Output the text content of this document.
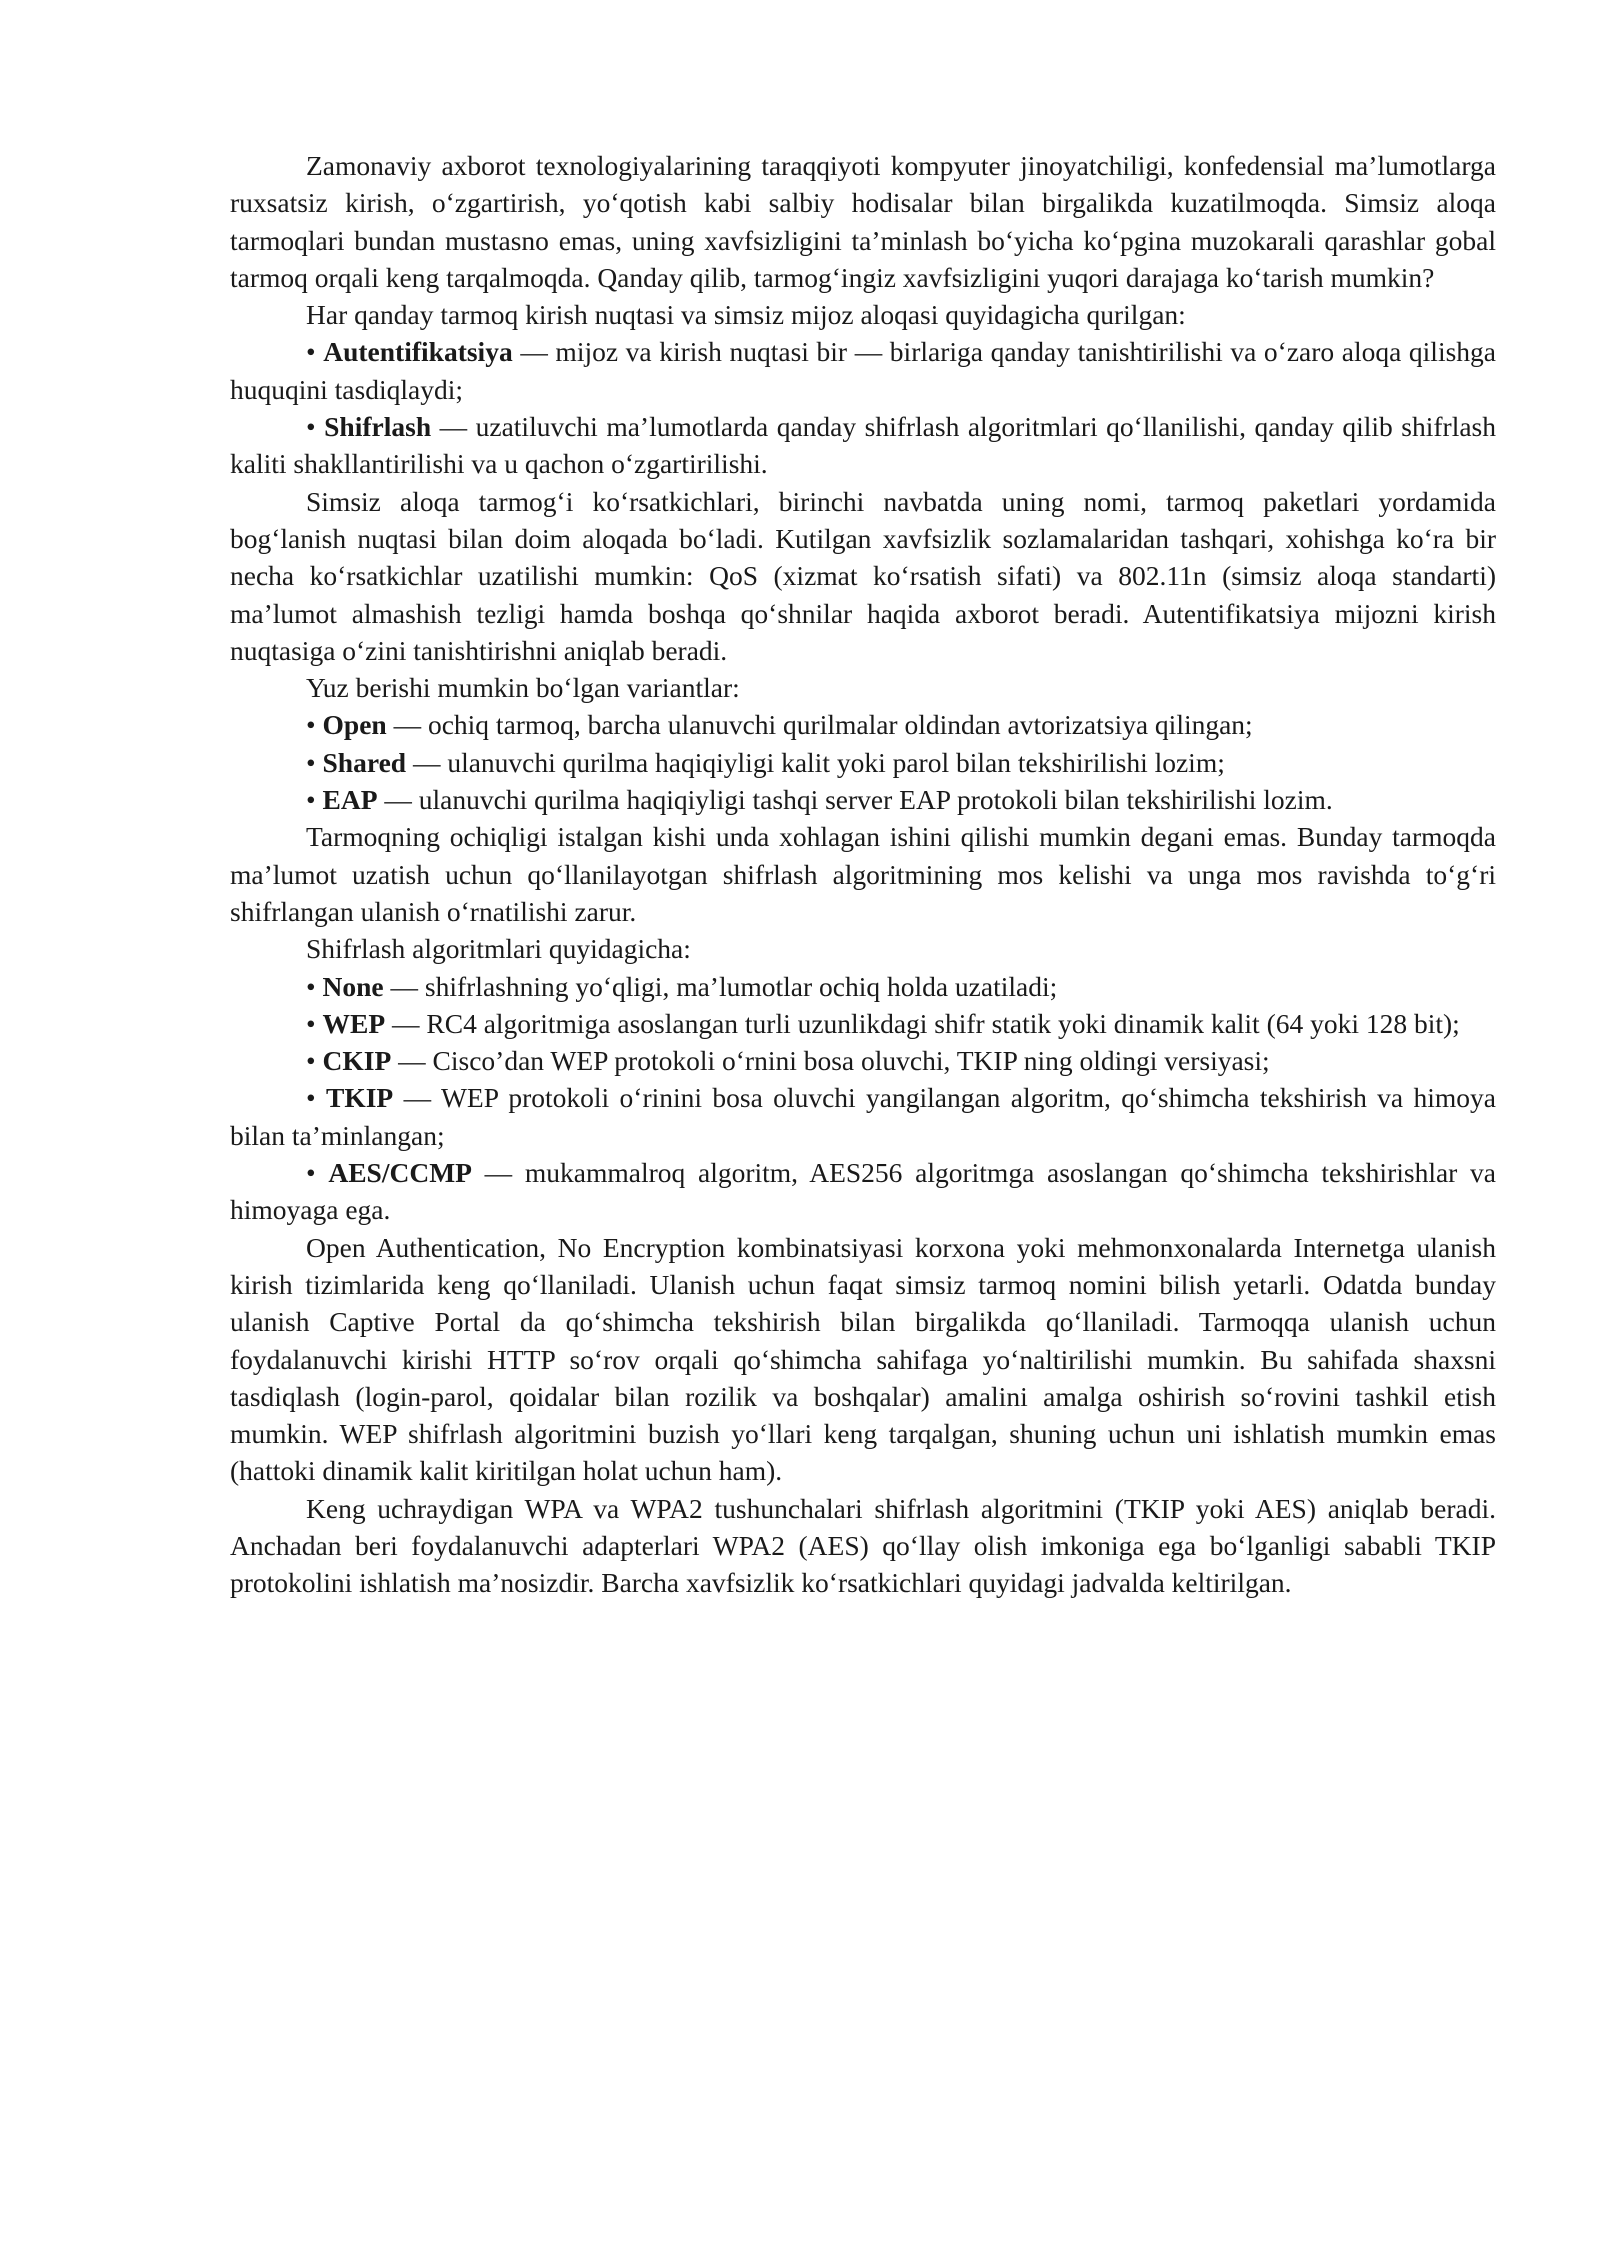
Zamonaviy axborot texnologiyalarining taraqqiyoti kompyuter jinoyatchiligi, konfedensial ma’lumotlarga ruxsatsiz kirish, oʻzgartirish, yoʻqotish kabi salbiy hodisalar bilan birgalikda kuzatilmoqda. Simsiz aloqa tarmoqlari bundan mustasno emas, uning xavfsizligini ta’minlash boʻyicha koʻpgina muzokarali qarashlar gobal tarmoq orqali keng tarqalmoqda. Qanday qilib, tarmogʻingiz xavfsizligini yuqori darajaga koʻtarish mumkin?

Har qanday tarmoq kirish nuqtasi va simsiz mijoz aloqasi quyidagicha qurilgan:

• Autentifikatsiya — mijoz va kirish nuqtasi bir — birlariga qanday tanishtirilishi va oʻzaro aloqa qilishga huquqini tasdiqlaydi;

• Shifrlash — uzatiluvchi ma’lumotlarda qanday shifrlash algoritmlari qoʻllanilishi, qanday qilib shifrlash kaliti shakllantirilishi va u qachon oʻzgartirilishi.

Simsiz aloqa tarmogʻi koʻrsatkichlari, birinchi navbatda uning nomi, tarmoq paketlari yordamida bogʻlanish nuqtasi bilan doim aloqada boʻladi. Kutilgan xavfsizlik sozlamalaridan tashqari, xohishga koʻra bir necha koʻrsatkichlar uzatilishi mumkin: QoS (xizmat koʻrsatish sifati) va 802.11n (simsiz aloqa standarti) ma’lumot almashish tezligi hamda boshqa qoʻshnilar haqida axborot beradi. Autentifikatsiya mijozni kirish nuqtasiga oʻzini tanishtirishni aniqlab beradi.

Yuz berishi mumkin boʻlgan variantlar:

• Open — ochiq tarmoq, barcha ulanuvchi qurilmalar oldindan avtorizatsiya qilingan;

• Shared — ulanuvchi qurilma haqiqiyligi kalit yoki parol bilan tekshirilishi lozim;

• EAP — ulanuvchi qurilma haqiqiyligi tashqi server EAP protokoli bilan tekshirilishi lozim.

Tarmoqning ochiqligi istalgan kishi unda xohlagan ishini qilishi mumkin degani emas. Bunday tarmoqda ma’lumot uzatish uchun qoʻllanilayotgan shifrlash algoritmining mos kelishi va unga mos ravishda toʻgʻri shifrlangan ulanish oʻrnatilishi zarur.

Shifrlash algoritmlari quyidagicha:

• None — shifrlashning yoʻqligi, ma’lumotlar ochiq holda uzatiladi;

• WEP — RC4 algoritmiga asoslangan turli uzunlikdagi shifr statik yoki dinamik kalit (64 yoki 128 bit);

• CKIP — Cisco’dan WEP protokoli oʻrnini bosa oluvchi, TKIP ning oldingi versiyasi;

• TKIP — WEP protokoli oʻrinini bosa oluvchi yangilangan algoritm, qoʻshimcha tekshirish va himoya bilan ta’minlangan;

• AES/CCMP — mukammalroq algoritm, AES256 algoritmga asoslangan qoʻshimcha tekshirishlar va himoyaga ega.

Open Authentication, No Encryption kombinatsiyasi korxona yoki mehmonxonalarda Internetga ulanish kirish tizimlarida keng qoʻllaniladi. Ulanish uchun faqat simsiz tarmoq nomini bilish yetarli. Odatda bunday ulanish Captive Portal da qoʻshimcha tekshirish bilan birgalikda qoʻllaniladi. Tarmoqqa ulanish uchun foydalanuvchi kirishi HTTP soʻrov orqali qoʻshimcha sahifaga yoʻnaltirilishi mumkin. Bu sahifada shaxsni tasdiqlash (login-parol, qoidalar bilan rozilik va boshqalar) amalini amalga oshirish soʻrovini tashkil etish mumkin. WEP shifrlash algoritmini buzish yoʻllari keng tarqalgan, shuning uchun uni ishlatish mumkin emas (hattoki dinamik kalit kiritilgan holat uchun ham).

Keng uchraydigan WPA va WPA2 tushunchalari shifrlash algoritmini (TKIP yoki AES) aniqlab beradi. Anchadan beri foydalanuvchi adapterlari WPA2 (AES) qoʻllay olish imkoniga ega boʻlganligi sababli TKIP protokolini ishlatish ma’nosizdir. Barcha xavfsizlik koʻrsatkichlari quyidagi jadvalda keltirilgan.
